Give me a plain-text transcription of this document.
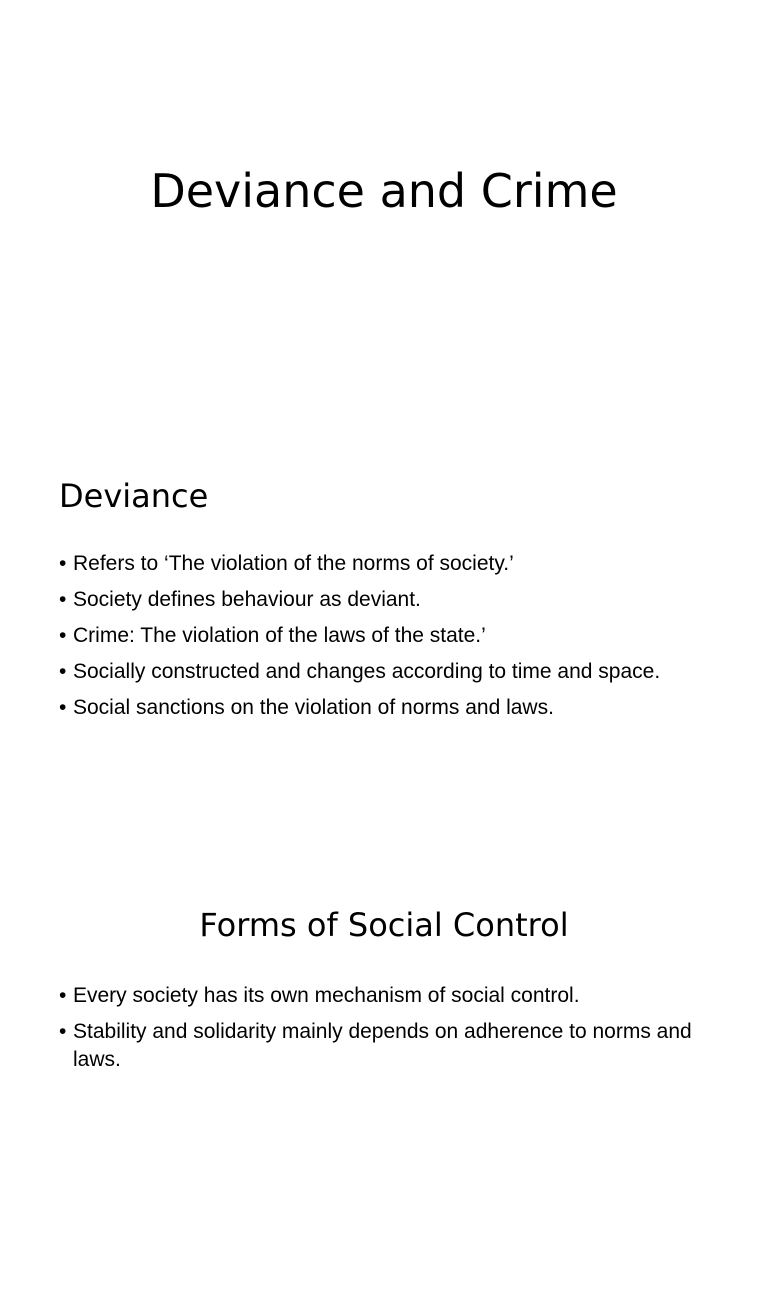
Deviance and Crime
Deviance
• Refers to ‘The violation of the norms of society.’
• Society defines behaviour as deviant.
• Crime: The violation of the laws of the state.’
• Socially constructed and changes according to time and space.
• Social sanctions on the violation of norms and laws.
Forms of Social Control
• Every society has its own mechanism of social control.
• Stability and solidarity mainly depends on adherence to norms and laws.
